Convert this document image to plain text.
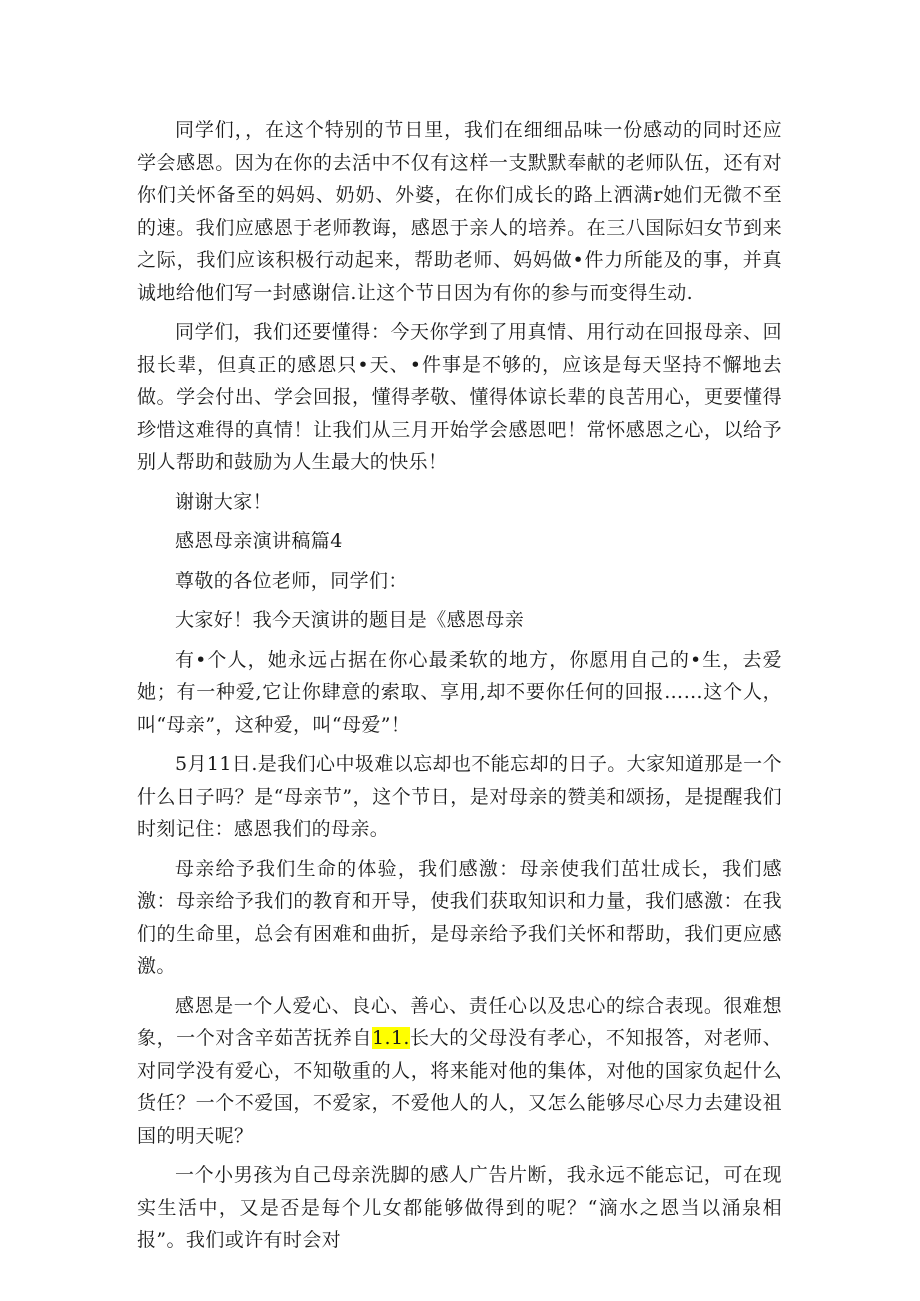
同学们，，在这个特别的节日里，我们在细细品味一份感动的同时还应学会感恩。因为在你的去活中不仅有这样一支默默奉献的老师队伍，还有对你们关怀备至的妈妈、奶奶、外婆，在你们成长的路上洒满r她们无微不至的速。我们应感恩于老师教诲，感恩于亲人的培养。在三八国际妇女节到来之际，我们应该积极行动起来，帮助老师、妈妈做•件力所能及的事，并真诚地给他们写一封感谢信.让这个节日因为有你的参与而变得生动.

同学们，我们还要懂得：今天你学到了用真情、用行动在回报母亲、回报长辈，但真正的感恩只•天、•件事是不够的，应该是每天坚持不懈地去做。学会付出、学会回报，懂得孝敬、懂得体谅长辈的良苦用心，更要懂得珍惜这难得的真情！让我们从三月开始学会感恩吧！常怀感恩之心，以给予别人帮助和鼓励为人生最大的快乐！

谢谢大家！

感恩母亲演讲稿篇4

尊敬的各位老师，同学们：

大家好！我今天演讲的题目是《感恩母亲

有•个人，她永远占据在你心最柔软的地方，你愿用自己的•生，去爱她；有一种爱,它让你肆意的索取、享用,却不要你任何的回报……这个人，叫“母亲”，这种爱，叫“母爱”！

5月11日.是我们心中圾难以忘却也不能忘却的日子。大家知道那是一个什么日子吗？是“母亲节”，这个节日，是对母亲的赞美和颂扬，是提醒我们时刻记住：感恩我们的母亲。

母亲给予我们生命的体验，我们感激：母亲使我们茁壮成长，我们感激：母亲给予我们的教育和开导，使我们获取知识和力量，我们感激：在我们的生命里，总会有困难和曲折，是母亲给予我们关怀和帮助，我们更应感激。

感恩是一个人爱心、良心、善心、责任心以及忠心的综合表现。很难想象，一个对含辛茹苦抚养自1.1.长大的父母没有孝心，不知报答，对老师、对同学没有爱心，不知敬重的人，将来能对他的集体，对他的国家负起什么货任？一个不爱国，不爱家，不爱他人的人，又怎么能够尽心尽力去建设祖国的明天呢？

一个小男孩为自己母亲洗脚的感人广告片断，我永远不能忘记，可在现实生活中，又是否是每个儿女都能够做得到的呢？“滴水之恩当以涌泉相报”。我们或许有时会对
